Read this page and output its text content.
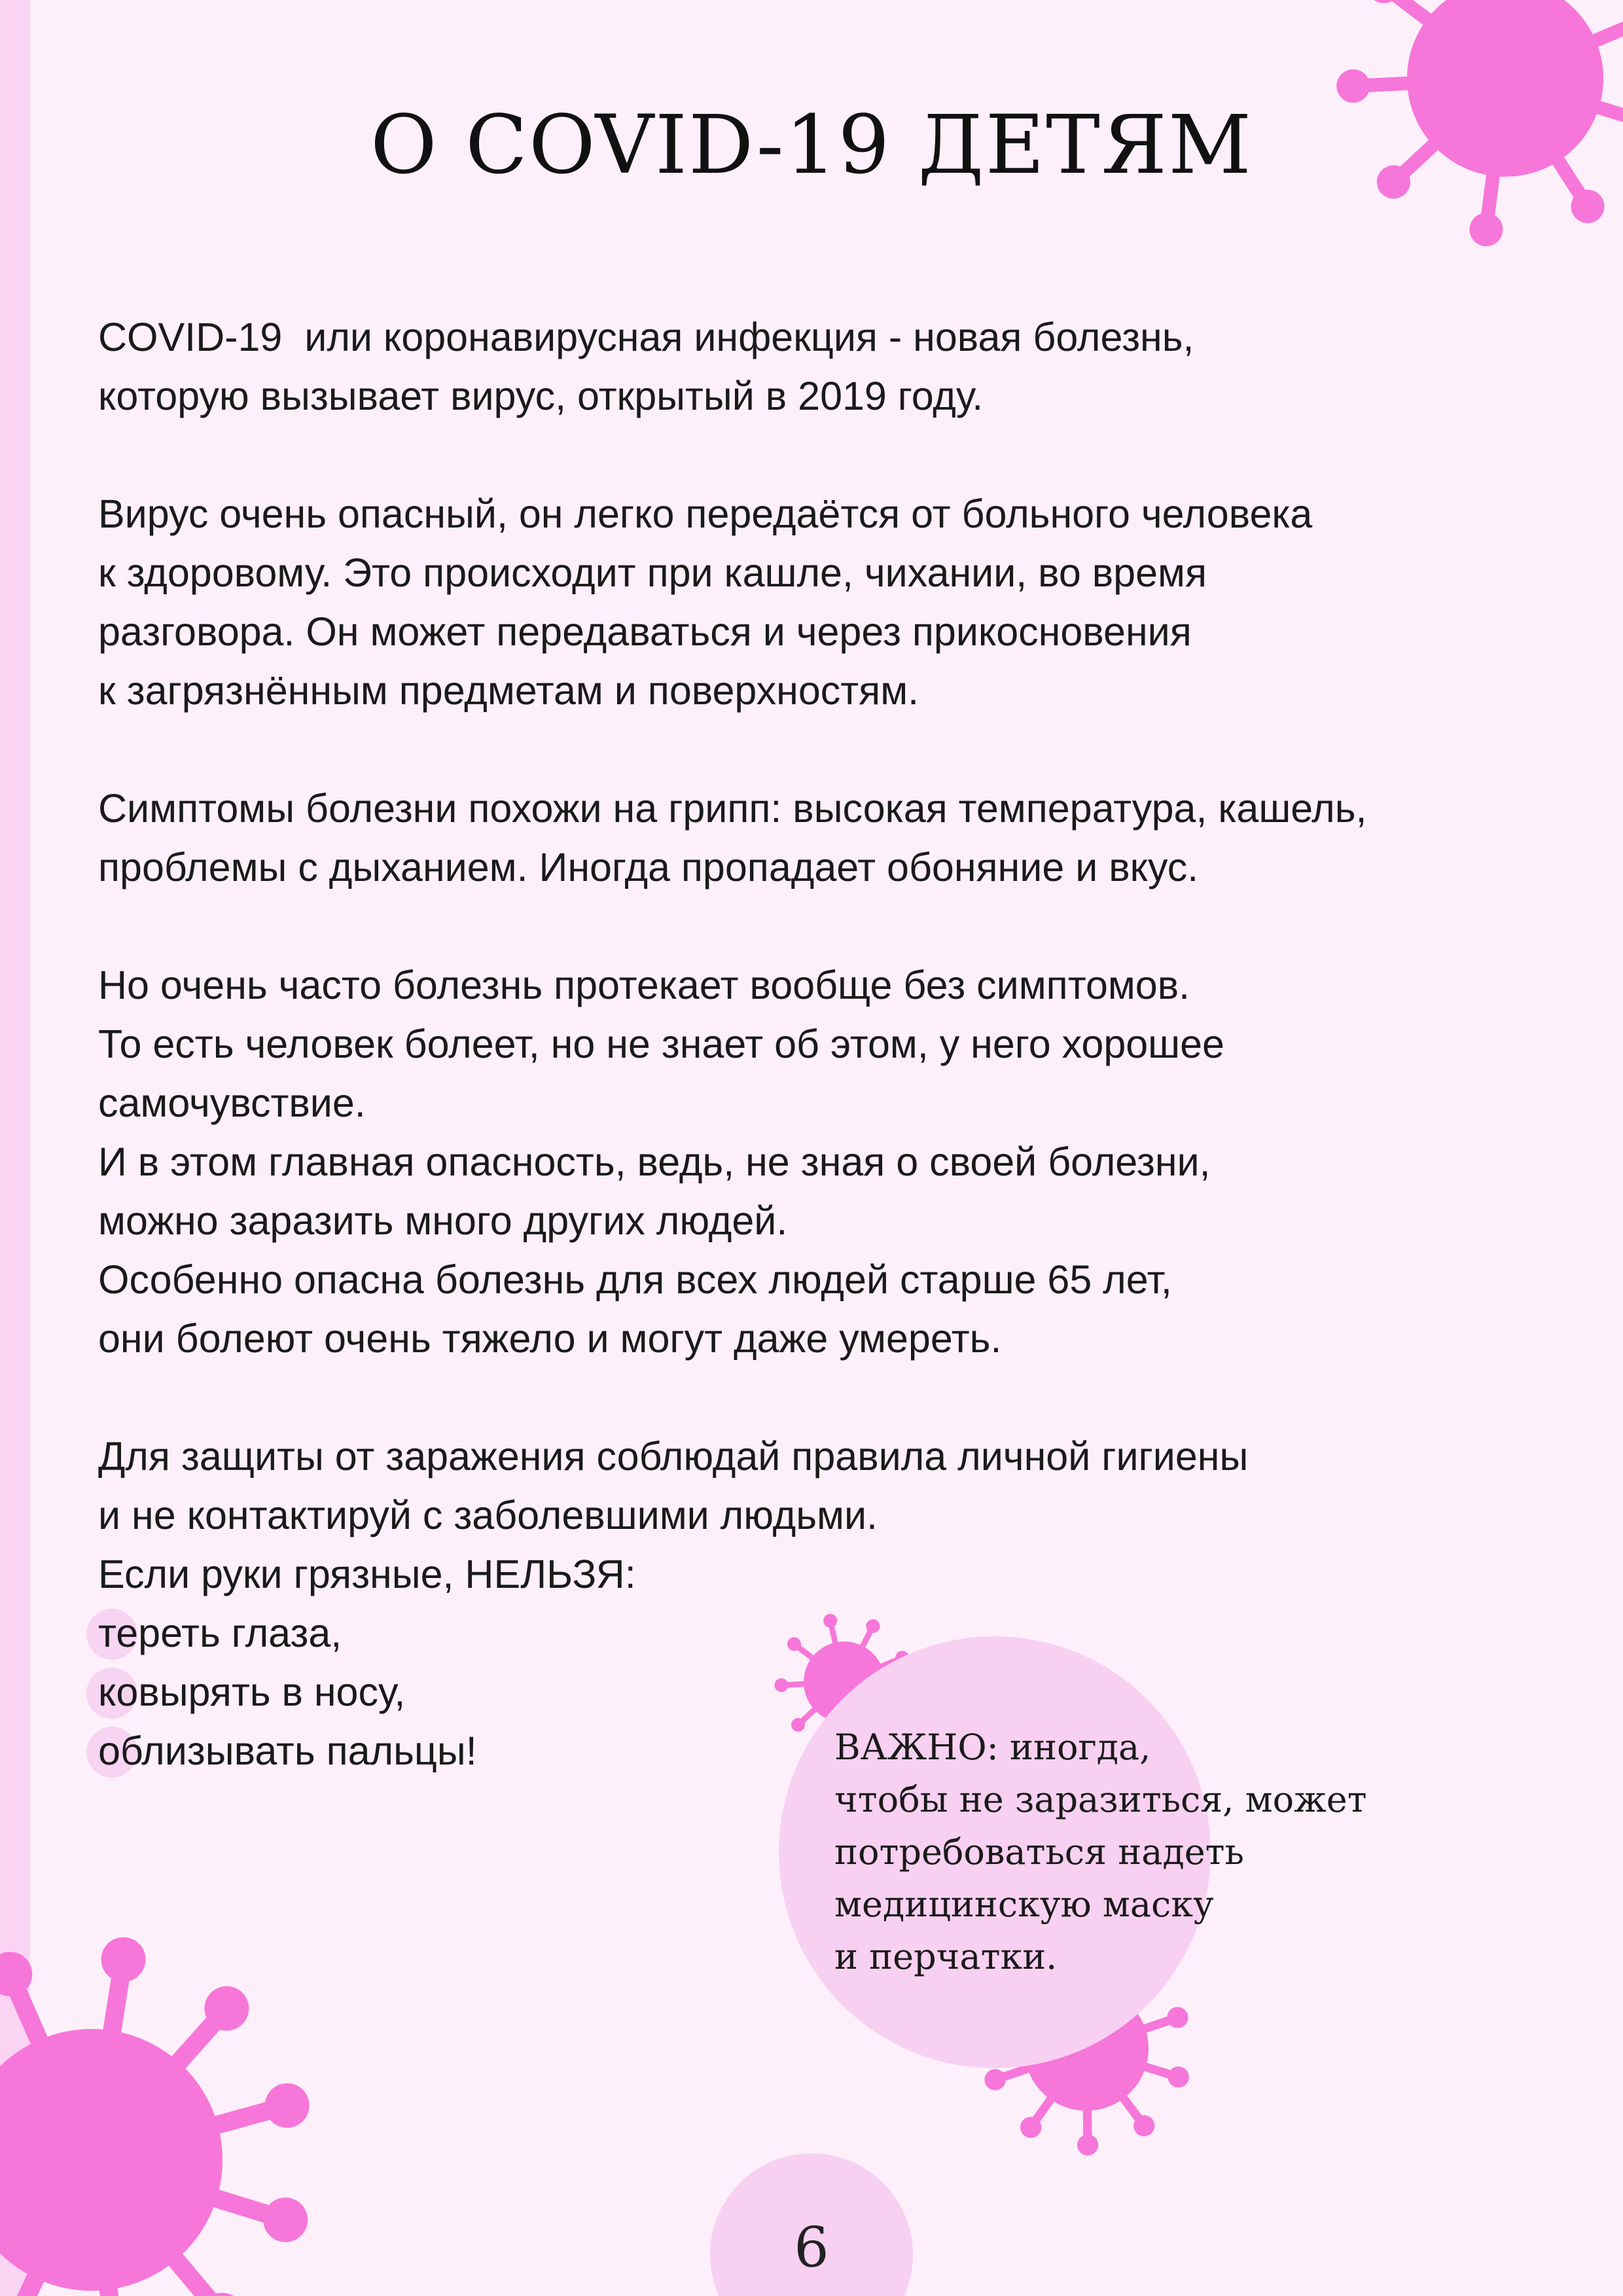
О COVID-19 ДЕТЯМ

COVID-19  или коронавирусная инфекция - новая болезнь,
которую вызывает вирус, открытый в 2019 году.

Вирус очень опасный, он легко передаётся от больного человека
к здоровому. Это происходит при кашле, чихании, во время
разговора. Он может передаваться и через прикосновения
к загрязнённым предметам и поверхностям.

Симптомы болезни похожи на грипп: высокая температура, кашель,
проблемы с дыханием. Иногда пропадает обоняние и вкус.

Но очень часто болезнь протекает вообще без симптомов.
То есть человек болеет, но не знает об этом, у него хорошее
самочувствие.
И в этом главная опасность, ведь, не зная о своей болезни,
можно заразить много других людей.
Особенно опасна болезнь для всех людей старше 65 лет,
они болеют очень тяжело и могут даже умереть.

Для защиты от заражения соблюдай правила личной гигиены
и не контактируй с заболевшими людьми.
Если руки грязные, НЕЛЬЗЯ:

тереть глаза,
ковырять в носу,
облизывать пальцы!	ВАЖНО: иногда,
чтобы не заразиться, может
потребоваться надеть
медицинскую маску
и перчатки.
6
